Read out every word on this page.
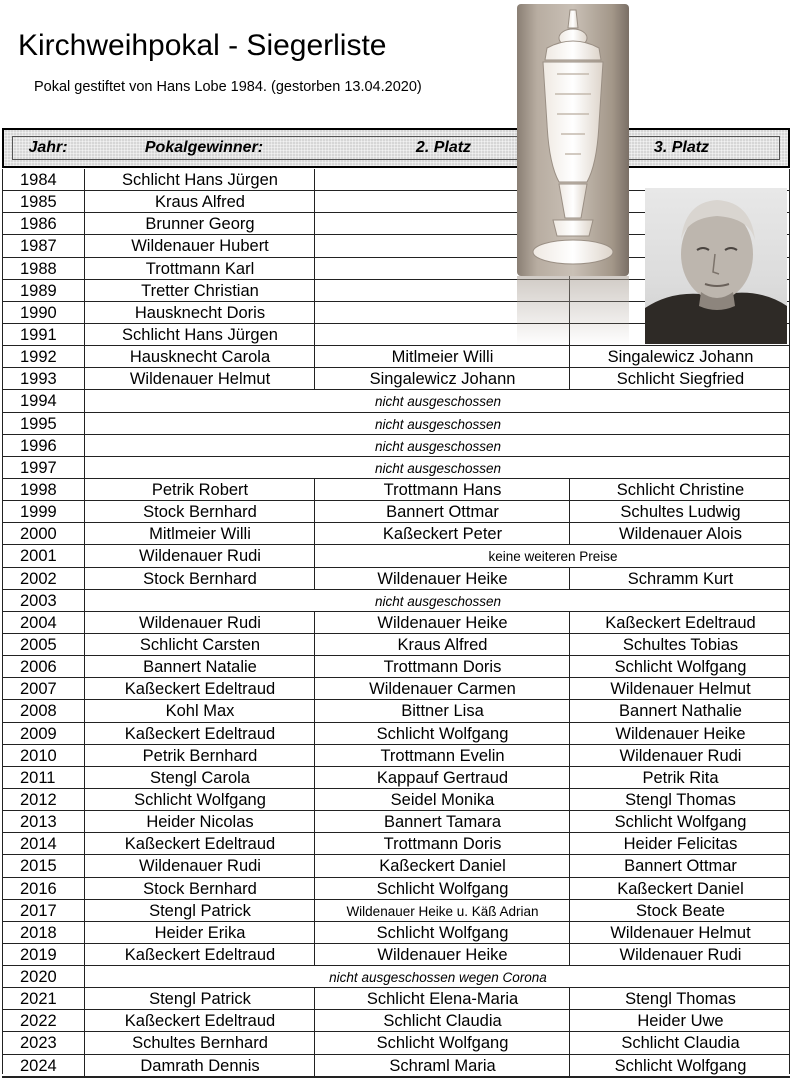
Kirchweihpokal - Siegerliste
Pokal gestiftet von Hans Lobe 1984. (gestorben 13.04.2020)
Jahr:	Pokalgewinner:	2. Platz	3. Platz
1984	Schlicht Hans Jürgen
1985	Kraus Alfred
1986	Brunner Georg
1987	Wildenauer Hubert
1988	Trottmann Karl
1989	Tretter Christian
1990	Hausknecht Doris
1991	Schlicht Hans Jürgen
1992	Hausknecht Carola	Mitlmeier Willi	Singalewicz Johann
1993	Wildenauer Helmut	Singalewicz Johann	Schlicht Siegfried
1994	nicht ausgeschossen
1995	nicht ausgeschossen
1996	nicht ausgeschossen
1997	nicht ausgeschossen
1998	Petrik Robert	Trottmann Hans	Schlicht Christine
1999	Stock Bernhard	Bannert Ottmar	Schultes Ludwig
2000	Mitlmeier Willi	Kaßeckert Peter	Wildenauer Alois
2001	Wildenauer Rudi	keine weiteren Preise
2002	Stock Bernhard	Wildenauer Heike	Schramm Kurt
2003	nicht ausgeschossen
2004	Wildenauer Rudi	Wildenauer Heike	Kaßeckert Edeltraud
2005	Schlicht Carsten	Kraus Alfred	Schultes Tobias
2006	Bannert Natalie	Trottmann Doris	Schlicht Wolfgang
2007	Kaßeckert Edeltraud	Wildenauer Carmen	Wildenauer Helmut
2008	Kohl Max	Bittner Lisa	Bannert Nathalie
2009	Kaßeckert Edeltraud	Schlicht Wolfgang	Wildenauer Heike
2010	Petrik Bernhard	Trottmann Evelin	Wildenauer Rudi
2011	Stengl Carola	Kappauf Gertraud	Petrik Rita
2012	Schlicht Wolfgang	Seidel Monika	Stengl Thomas
2013	Heider Nicolas	Bannert Tamara	Schlicht Wolfgang
2014	Kaßeckert Edeltraud	Trottmann Doris	Heider Felicitas
2015	Wildenauer Rudi	Kaßeckert Daniel	Bannert Ottmar
2016	Stock Bernhard	Schlicht Wolfgang	Kaßeckert Daniel
2017	Stengl Patrick	Wildenauer Heike u. Käß Adrian	Stock Beate
2018	Heider Erika	Schlicht Wolfgang	Wildenauer Helmut
2019	Kaßeckert Edeltraud	Wildenauer Heike	Wildenauer Rudi
2020	nicht ausgeschossen wegen Corona
2021	Stengl Patrick	Schlicht Elena-Maria	Stengl Thomas
2022	Kaßeckert Edeltraud	Schlicht Claudia	Heider Uwe
2023	Schultes Bernhard	Schlicht Wolfgang	Schlicht Claudia
2024	Damrath Dennis	Schraml Maria	Schlicht Wolfgang
